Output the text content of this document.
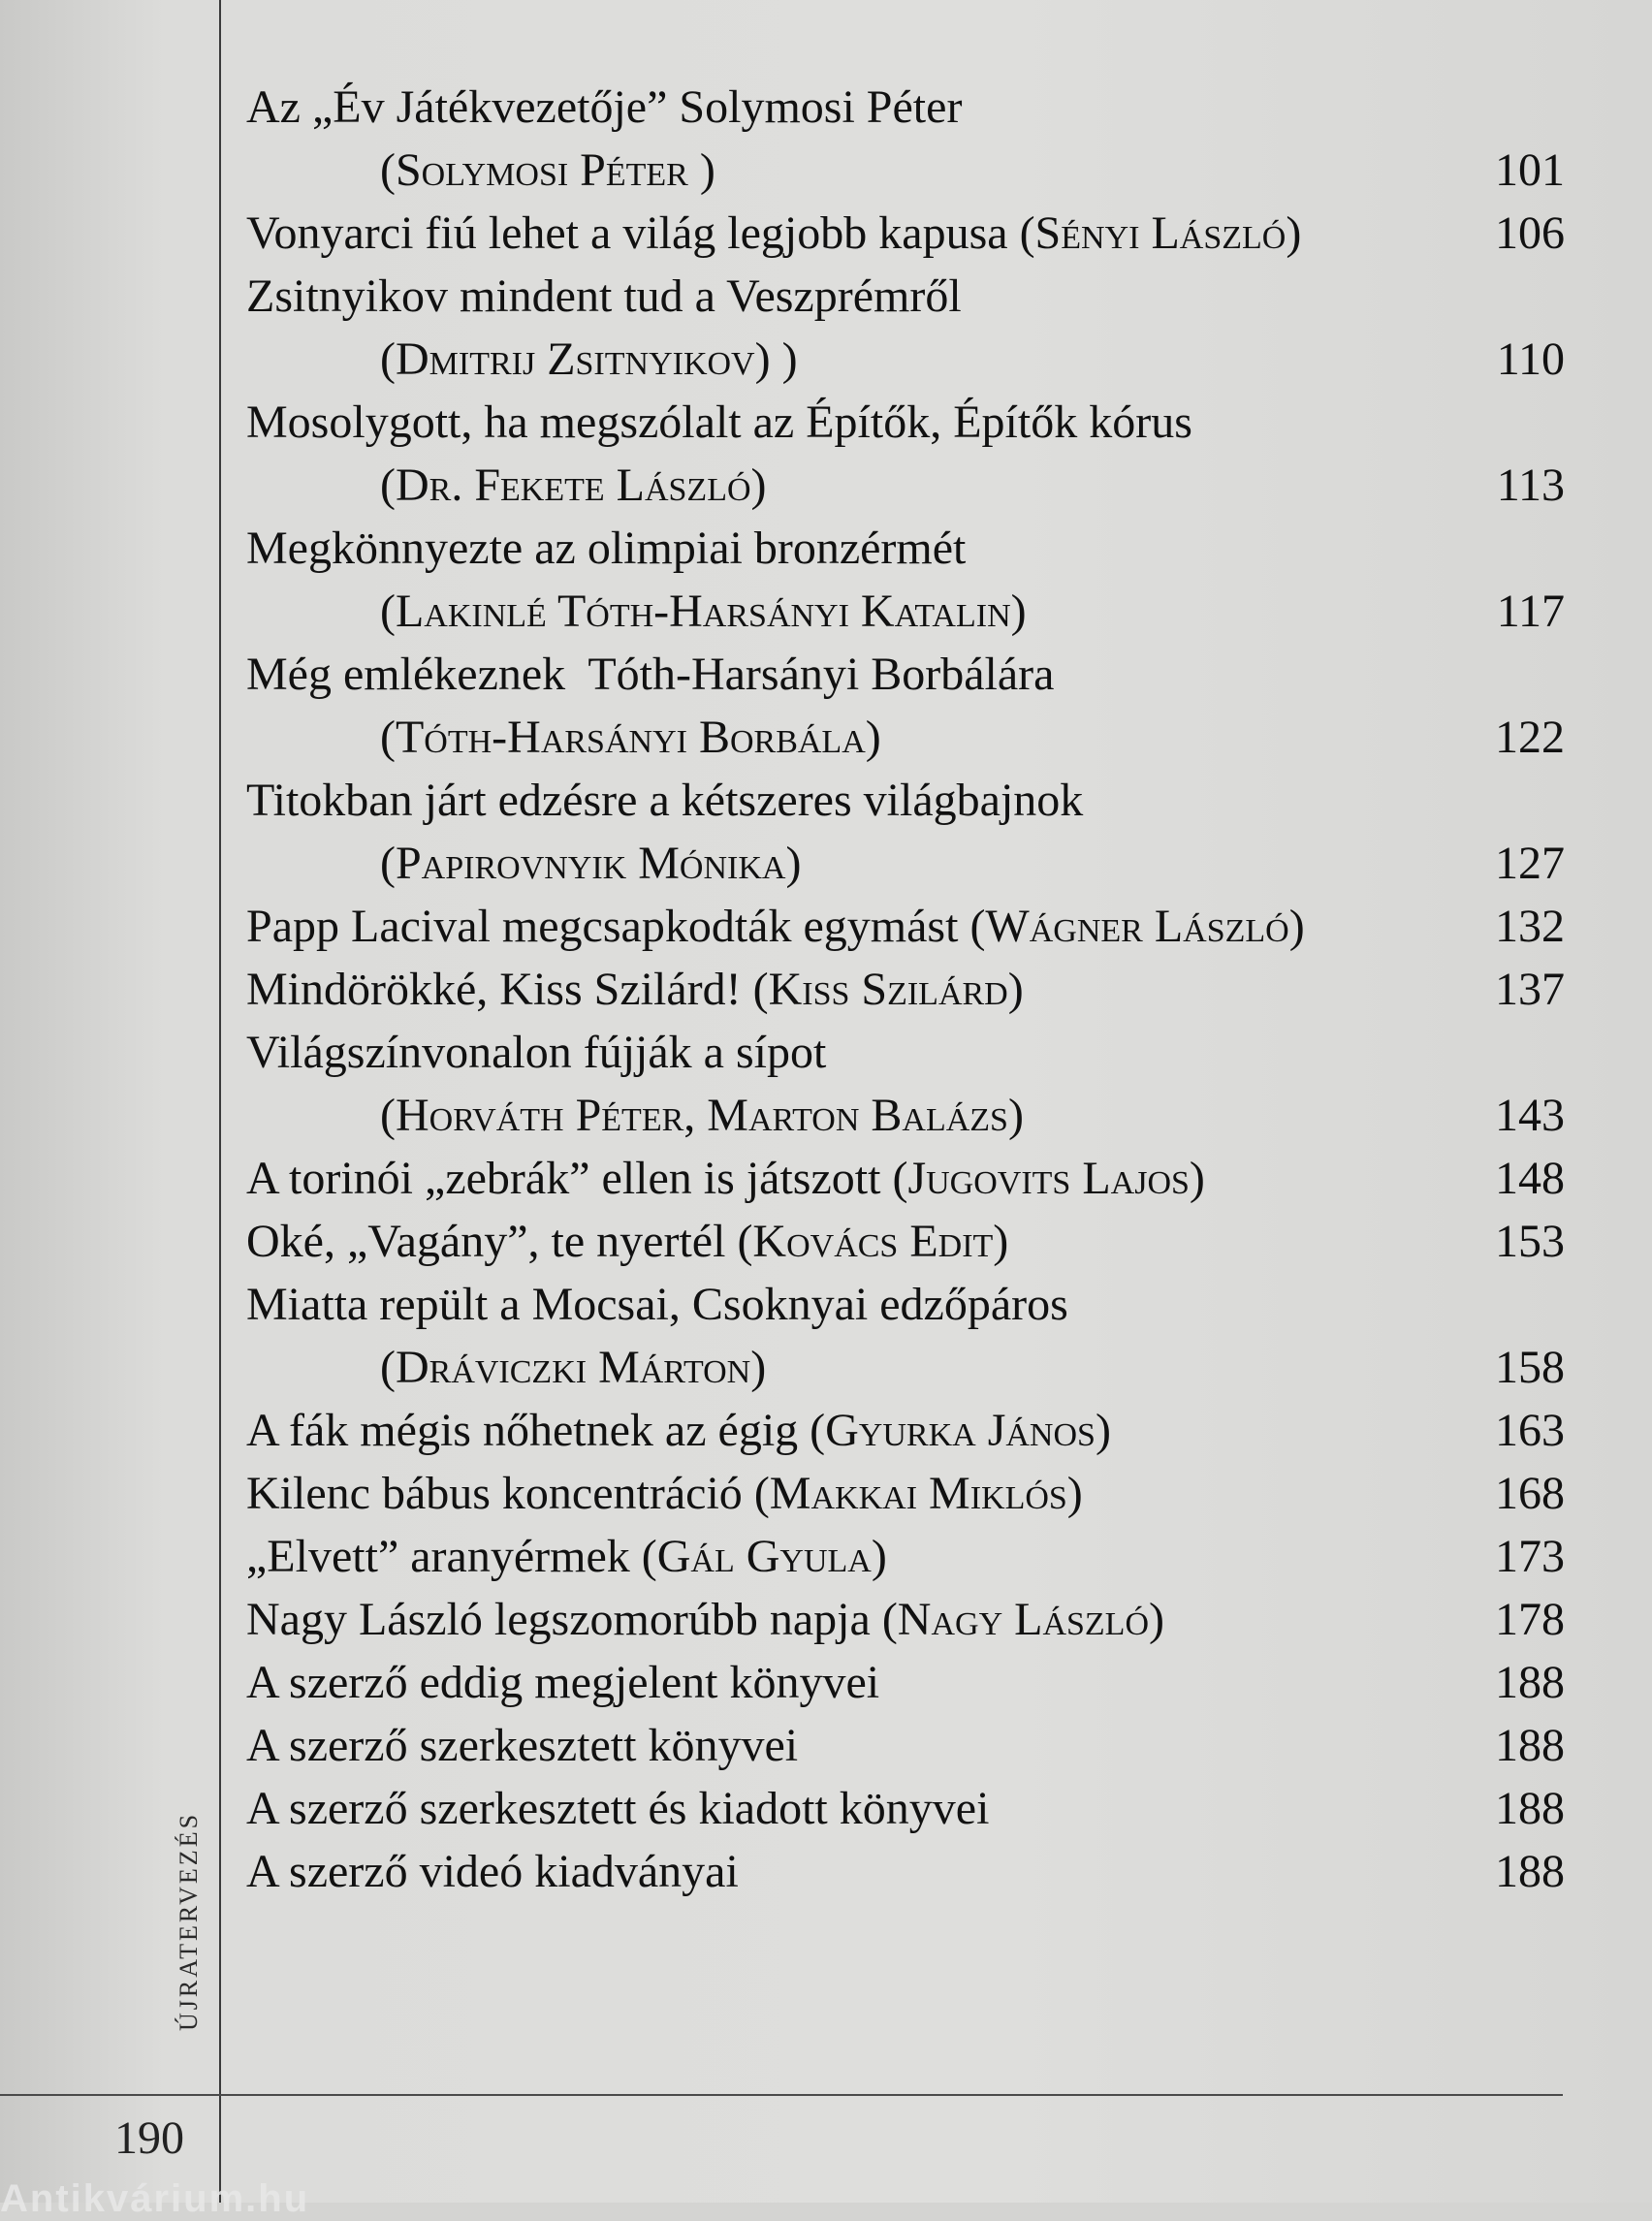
ÚJRATERVEZÉS
190
Az „Év Játékvezetője” Solymosi Péter
(Solymosi Péter )	101
Vonyarci fiú lehet a világ legjobb kapusa (Sényi László)	106
Zsitnyikov mindent tud a Veszprémről
(Dmitrij Zsitnyikov) )	110
Mosolygott, ha megszólalt az Építők, Építők kórus
(Dr. Fekete László)	113
Megkönnyezte az olimpiai bronzérmét
(Lakinlé Tóth-Harsányi Katalin)	117
Még emlékeznek  Tóth-Harsányi Borbálára
(Tóth-Harsányi Borbála)	122
Titokban járt edzésre a kétszeres világbajnok
(Papirovnyik Mónika)	127
Papp Lacival megcsapkodták egymást (Wágner László)	132
Mindörökké, Kiss Szilárd! (Kiss Szilárd)	137
Világszínvonalon fújják a sípot
(Horváth Péter, Marton Balázs)	143
A torinói „zebrák” ellen is játszott (Jugovits Lajos)	148
Oké, „Vagány”, te nyertél (Kovács Edit)	153
Miatta repült a Mocsai, Csoknyai edzőpáros
(Dráviczki Márton)	158
A fák mégis nőhetnek az égig (Gyurka János)	163
Kilenc bábus koncentráció (Makkai Miklós)	168
„Elvett” aranyérmek (Gál Gyula)	173
Nagy László legszomorúbb napja (Nagy László)	178
A szerző eddig megjelent könyvei	188
A szerző szerkesztett könyvei	188
A szerző szerkesztett és kiadott könyvei	188
A szerző videó kiadványai	188
Antikvárium.hu
